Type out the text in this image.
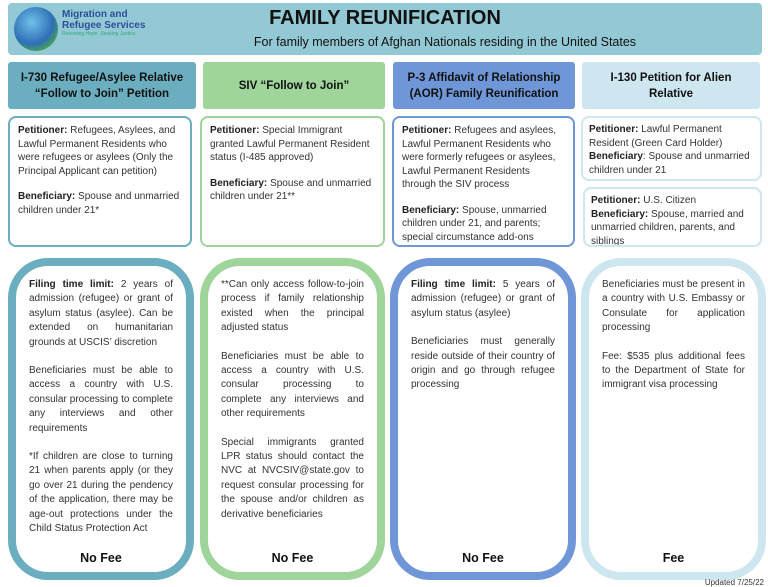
Migration and Refugee Services
Renewing Hope. Seeking Justice.
FAMILY REUNIFICATION
For family members of Afghan Nationals residing in the United States
I-730 Refugee/Asylee Relative “Follow to Join” Petition
SIV “Follow to Join”
P-3 Affidavit of Relationship (AOR) Family Reunification
I-130 Petition for Alien Relative

Petitioner: Refugees, Asylees, and Lawful Permanent Residents who were refugees or asylees (Only the Principal Applicant can petition)

Beneficiary: Spouse and unmarried children under 21*

Petitioner: Special Immigrant granted Lawful Permanent Resident status (I-485 approved)

Beneficiary: Spouse and unmarried children under 21**

Petitioner: Refugees and asylees, Lawful Permanent Residents who were formerly refugees or asylees, Lawful Permanent Residents through the SIV process

Beneficiary: Spouse, unmarried children under 21, and parents; special circumstance add-ons

Petitioner: Lawful Permanent Resident (Green Card Holder)
Beneficiary: Spouse and unmarried children under 21
Petitioner: U.S. Citizen
Beneficiary: Spouse, married and unmarried children, parents, and siblings

Filing time limit: 2 years of admission (refugee) or grant of asylum status (asylee). Can be extended on humanitarian grounds at USCIS’ discretion

Beneficiaries must be able to access a country with U.S. consular processing to complete any interviews and other requirements

*If children are close to turning 21 when parents apply (or they go over 21 during the pendency of the application, there may be age-out protections under the Child Status Protection Act

No Fee

**Can only access follow-to-join process if family relationship existed when the principal adjusted status

Beneficiaries must be able to access a country with U.S. consular processing to complete any interviews and other requirements

Special immigrants granted LPR status should contact the NVC at NVCSIV@state.gov to request consular processing for the spouse and/or children as derivative beneficiaries

No Fee

Filing time limit: 5 years of admission (refugee) or grant of asylum status (asylee)

Beneficiaries must generally reside outside of their country of origin and go through refugee processing

No Fee

Beneficiaries must be present in a country with U.S. Embassy or Consulate for application processing

Fee: $535 plus additional fees to the Department of State for immigrant visa processing

Fee
Updated 7/25/22
